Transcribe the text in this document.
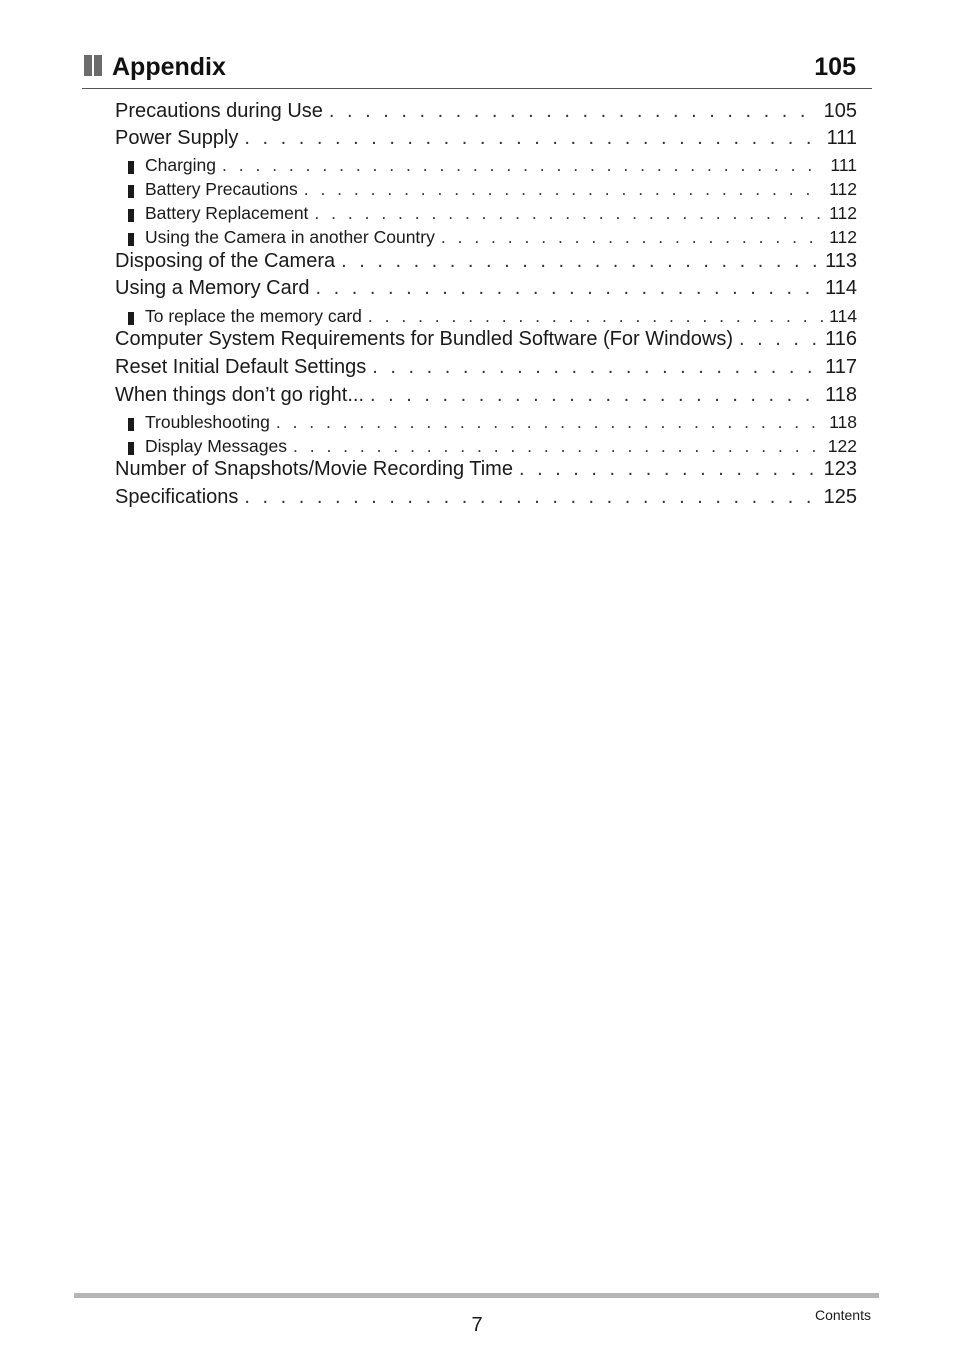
Appendix	105
Precautions during Use . . .	105
Power Supply . . .	111
Charging . . .	111
Battery Precautions . . .	112
Battery Replacement . . .	112
Using the Camera in another Country . . .	112
Disposing of the Camera . . .	113
Using a Memory Card . . .	114
To replace the memory card . . .	114
Computer System Requirements for Bundled Software (For Windows) . . .	116
Reset Initial Default Settings . . .	117
When things don’t go right... . . .	118
Troubleshooting . . .	118
Display Messages . . .	122
Number of Snapshots/Movie Recording Time . . .	123
Specifications . . .	125
7	Contents
